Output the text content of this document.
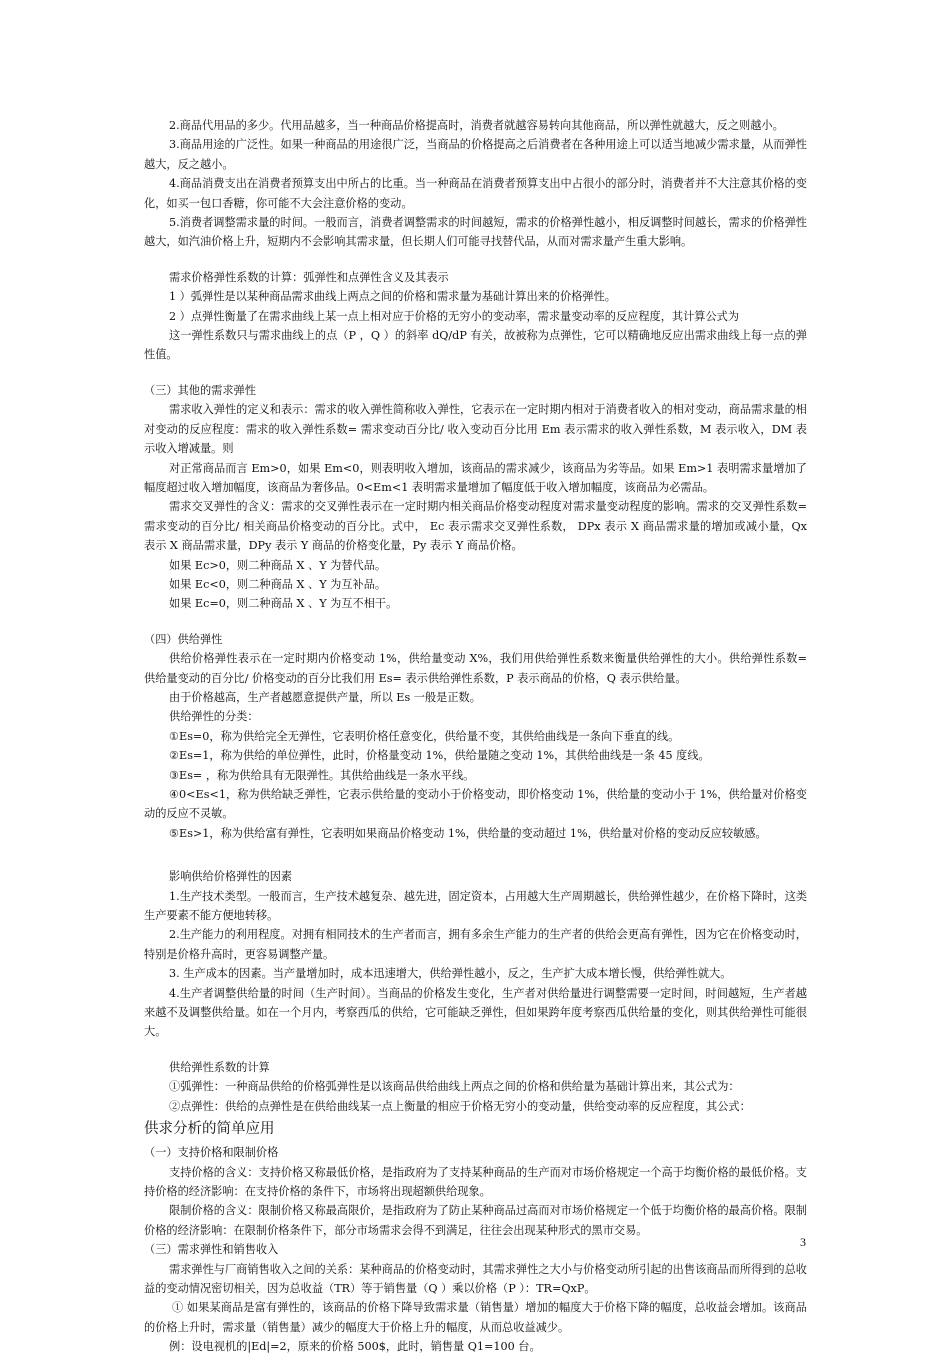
2.商品代用品的多少。代用品越多，当一种商品价格提高时，消费者就越容易转向其他商品，所以弹性就越大，反之则越小。

3.商品用途的广泛性。如果一种商品的用途很广泛，当商品的价格提高之后消费者在各种用途上可以适当地减少需求量，从而弹性越大，反之越小。

4.商品消费支出在消费者预算支出中所占的比重。当一种商品在消费者预算支出中占很小的部分时，消费者并不大注意其价格的变化，如买一包口香糖，你可能不大会注意价格的变动。

5.消费者调整需求量的时间。一般而言，消费者调整需求的时间越短，需求的价格弹性越小，相反调整时间越长，需求的价格弹性越大，如汽油价格上升，短期内不会影响其需求量，但长期人们可能寻找替代品，从而对需求量产生重大影响。

需求价格弹性系数的计算：弧弹性和点弹性含义及其表示

1 ）弧弹性是以某种商品需求曲线上两点之间的价格和需求量为基础计算出来的价格弹性。

2 ）点弹性衡量了在需求曲线上某一点上相对应于价格的无穷小的变动率，需求量变动率的反应程度，其计算公式为

这一弹性系数只与需求曲线上的点（P ，Q ）的斜率 dQ/dP 有关，故被称为点弹性，它可以精确地反应出需求曲线上每一点的弹性值。

（三）其他的需求弹性

需求收入弹性的定义和表示：需求的收入弹性简称收入弹性，它表示在一定时期内相对于消费者收入的相对变动，商品需求量的相对变动的反应程度：需求的收入弹性系数= 需求变动百分比/ 收入变动百分比用 Em 表示需求的收入弹性系数，M 表示收入，DM 表示收入增减量。则

对正常商品而言 Em>0，如果 Em<0，则表明收入增加，该商品的需求减少，该商品为劣等品。如果 Em>1 表明需求量增加了幅度超过收入增加幅度，该商品为奢侈品。0<Em<1 表明需求量增加了幅度低于收入增加幅度，该商品为必需品。

需求交叉弹性的含义：需求的交叉弹性表示在一定时期内相关商品价格变动程度对需求量变动程度的影响。需求的交叉弹性系数= 需求变动的百分比/ 相关商品价格变动的百分比。式中， Ec 表示需求交叉弹性系数， DPx 表示 X 商品需求量的增加或减小量，Qx 表示 X 商品需求量，DPy 表示 Y 商品的价格变化量，Py 表示 Y 商品价格。

如果 Ec>0，则二种商品 X 、Y 为替代品。

如果 Ec<0，则二种商品 X 、Y 为互补品。

如果 Ec=0，则二种商品 X 、Y 为互不相干。

（四）供给弹性

供给价格弹性表示在一定时期内价格变动 1%，供给量变动 X%，我们用供给弹性系数来衡量供给弹性的大小。供给弹性系数= 供给量变动的百分比/ 价格变动的百分比我们用 Es= 表示供给弹性系数，P 表示商品的价格，Q 表示供给量。

由于价格越高，生产者越愿意提供产量，所以 Es 一般是正数。

供给弹性的分类：

①Es=0，称为供给完全无弹性，它表明价格任意变化，供给量不变，其供给曲线是一条向下垂直的线。

②Es=1，称为供给的单位弹性，此时，价格量变动 1%，供给量随之变动 1%，其供给曲线是一条 45 度线。

③Es= ，称为供给具有无限弹性。其供给曲线是一条水平线。

④0<Es<1，称为供给缺乏弹性，它表示供给量的变动小于价格变动，即价格变动 1%，供给量的变动小于 1%，供给量对价格变动的反应不灵敏。

⑤Es>1，称为供给富有弹性，它表明如果商品价格变动 1%，供给量的变动超过 1%，供给量对价格的变动反应较敏感。

影响供给价格弹性的因素

1.生产技术类型。一般而言，生产技术越复杂、越先进，固定资本，占用越大生产周期越长，供给弹性越少，在价格下降时，这类生产要素不能方便地转移。

2.生产能力的利用程度。对拥有相同技术的生产者而言，拥有多余生产能力的生产者的供给会更高有弹性，因为它在价格变动时，特别是价格升高时，更容易调整产量。

3. 生产成本的因素。当产量增加时，成本迅速增大，供给弹性越小，反之，生产扩大成本增长慢，供给弹性就大。

4.生产者调整供给量的时间（生产时间）。当商品的价格发生变化，生产者对供给量进行调整需要一定时间，时间越短，生产者越来越不及调整供给量。如在一个月内，考察西瓜的供给，它可能缺乏弹性，但如果跨年度考察西瓜供给量的变化，则其供给弹性可能很大。

供给弹性系数的计算

①弧弹性：一种商品供给的价格弧弹性是以该商品供给曲线上两点之间的价格和供给量为基础计算出来，其公式为：

②点弹性：供给的点弹性是在供给曲线某一点上衡量的相应于价格无穷小的变动量，供给变动率的反应程度，其公式：

供求分析的简单应用

（一）支持价格和限制价格

支持价格的含义：支持价格又称最低价格，是指政府为了支持某种商品的生产而对市场价格规定一个高于均衡价格的最低价格。支持价格的经济影响：在支持价格的条件下，市场将出现超额供给现象。

限制价格的含义：限制价格又称最高限价，是指政府为了防止某种商品过高而对市场价格规定一个低于均衡价格的最高价格。限制价格的经济影响：在限制价格条件下，部分市场需求会得不到满足，往往会出现某种形式的黑市交易。

（三）需求弹性和销售收入

需求弹性与厂商销售收入之间的关系：某种商品的价格变动时，其需求弹性之大小与价格变动所引起的出售该商品而所得到的总收益的变动情况密切相关，因为总收益（TR）等于销售量（Q ）乘以价格（P ）：TR=QxP。

① 如果某商品是富有弹性的，该商品的价格下降导致需求量（销售量）增加的幅度大于价格下降的幅度，总收益会增加。该商品的价格上升时，需求量（销售量）减少的幅度大于价格上升的幅度，从而总收益减少。

例：设电视机的|Ed|=2，原来的价格 500$，此时，销售量 Q1=100 台。

3
